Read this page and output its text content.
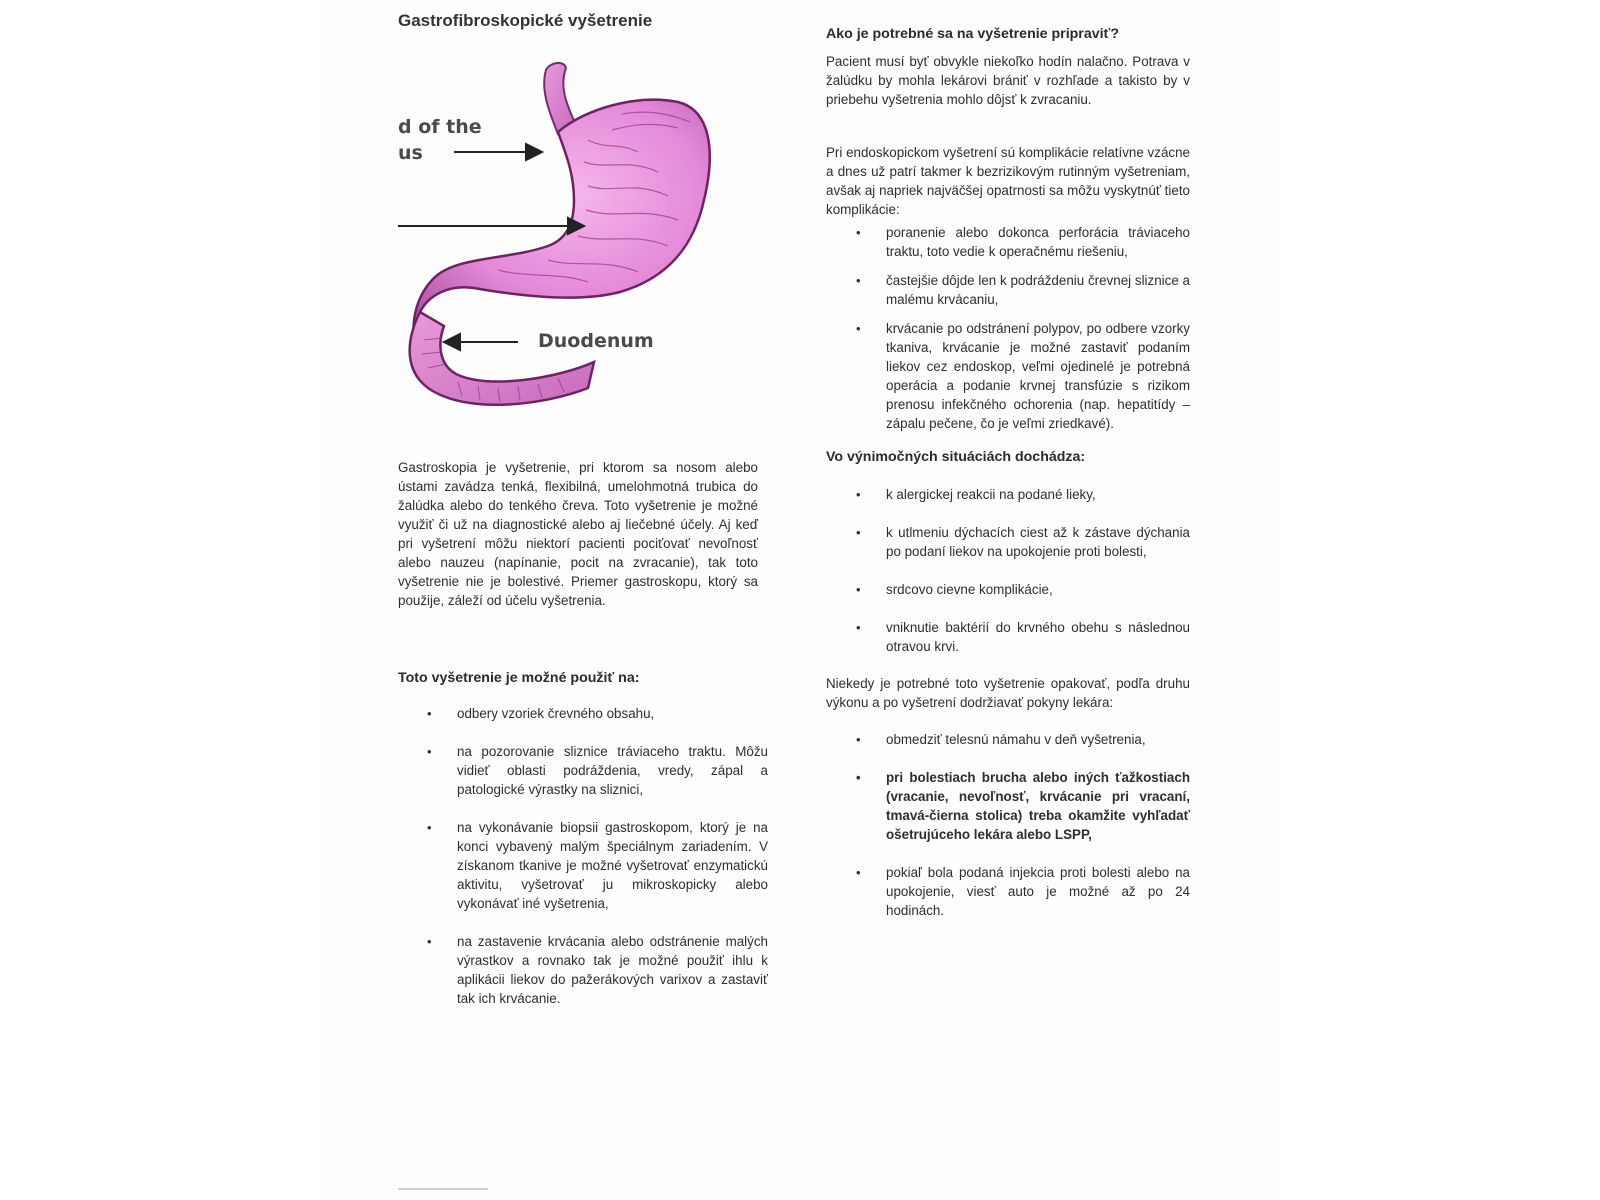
Gastrofibroskopické vyšetrenie
d of the
us
Duodenum

Gastroskopia je vyšetrenie, pri ktorom sa nosom alebo ústami zavádza tenká, flexibilná, umelohmotná trubica do žalúdka alebo do tenkého čreva. Toto vyšetrenie je možné využiť či už na diagnostické alebo aj liečebné účely. Aj keď pri vyšetrení môžu niektorí pacienti pociťovať nevoľnosť alebo nauzeu (napínanie, pocit na zvracanie), tak toto vyšetrenie nie je bolestivé. Priemer gastroskopu, ktorý sa použije, záleží od účelu vyšetrenia.

Toto vyšetrenie je možné použiť na:
• odbery vzoriek črevného obsahu,
• na pozorovanie sliznice tráviaceho traktu. Môžu vidieť oblasti podráždenia, vredy, zápal a patologické výrastky na sliznici,
• na vykonávanie biopsii gastroskopom, ktorý je na konci vybavený malým špeciálnym zariadením. V získanom tkanive je možné vyšetrovať enzymatickú aktivitu, vyšetrovať ju mikroskopicky alebo vykonávať iné vyšetrenia,
• na zastavenie krvácania alebo odstránenie malých výrastkov a rovnako tak je možné použiť ihlu k aplikácii liekov do pažerákových varixov a zastaviť tak ich krvácanie.
Ako je potrebné sa na vyšetrenie pripraviť?

Pacient musí byť obvykle niekoľko hodín nalačno. Potrava v žalúdku by mohla lekárovi brániť v rozhľade a takisto by v priebehu vyšetrenia mohlo dôjsť k zvracaniu.

Pri endoskopickom vyšetrení sú komplikácie relatívne vzácne a dnes už patrí takmer k bezrizikovým rutinným vyšetreniam, avšak aj napriek najväčšej opatrnosti sa môžu vyskytnúť tieto komplikácie:

• poranenie alebo dokonca perforácia tráviaceho traktu, toto vedie k operačnému riešeniu,
• častejšie dôjde len k podráždeniu črevnej sliznice a malému krvácaniu,
• krvácanie po odstránení polypov, po odbere vzorky tkaniva, krvácanie je možné zastaviť podaním liekov cez endoskop, veľmi ojedinelé je potrebná operácia a podanie krvnej transfúzie s rizikom prenosu infekčného ochorenia (nap. hepatitídy – zápalu pečene, čo je veľmi zriedkavé).
Vo výnimočných situáciách dochádza:
• k alergickej reakcii na podané lieky,
• k utlmeniu dýchacích ciest až k zástave dýchania po podaní liekov na upokojenie proti bolesti,
• srdcovo cievne komplikácie,
• vniknutie baktérií do krvného obehu s následnou otravou krvi.

Niekedy je potrebné toto vyšetrenie opakovať, podľa druhu výkonu a po vyšetrení dodržiavať pokyny lekára:

• obmedziť telesnú námahu v deň vyšetrenia,
• pri bolestiach brucha alebo iných ťažkostiach (vracanie, nevoľnosť, krvácanie pri vracaní, tmavá-čierna stolica) treba okamžite vyhľadať ošetrujúceho lekára alebo LSPP,
• pokiaľ bola podaná injekcia proti bolesti alebo na upokojenie, viesť auto je možné až po 24 hodinách.
